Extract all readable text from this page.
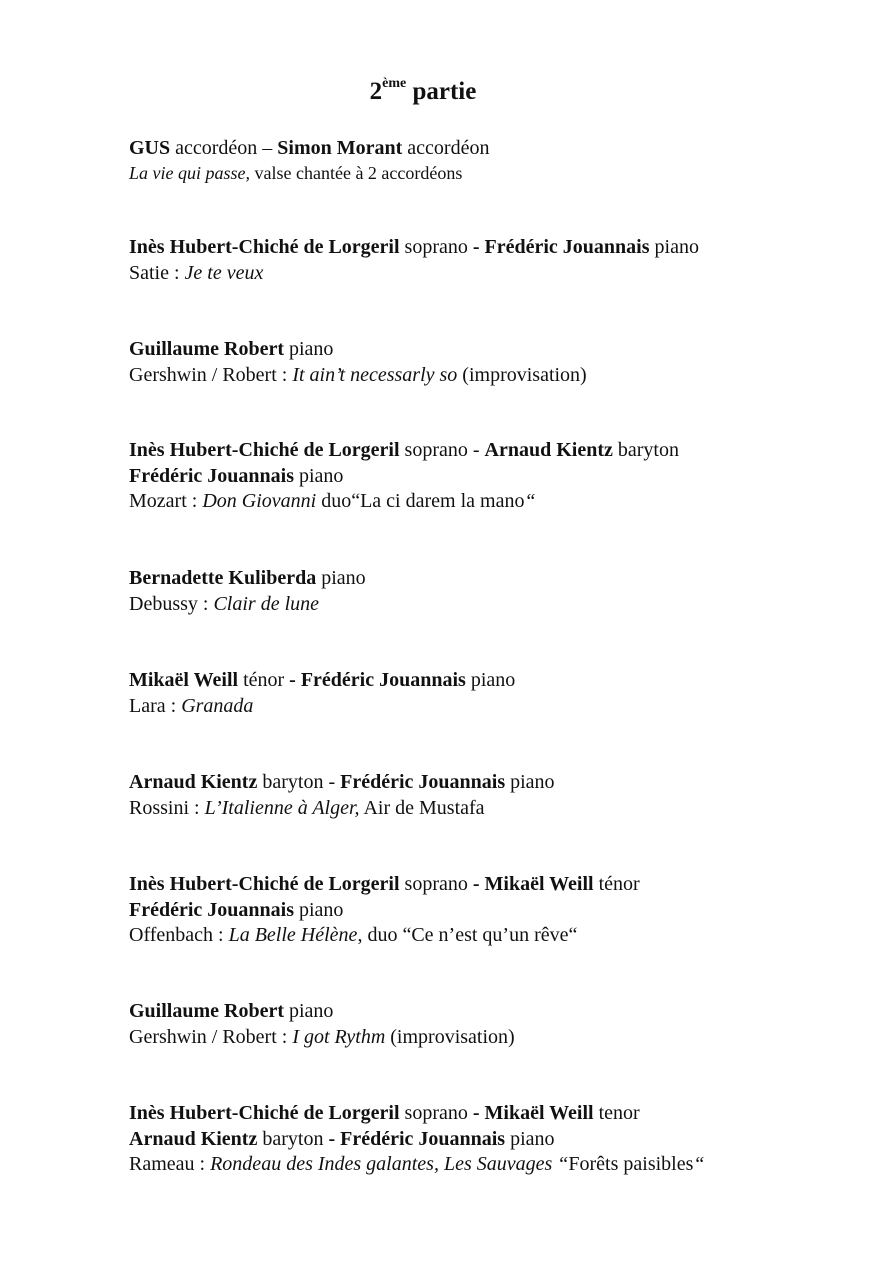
2ème partie
GUS accordéon – Simon Morant accordéon
La vie qui passe, valse chantée à 2 accordéons
Inès Hubert-Chiché de Lorgeril soprano - Frédéric Jouannais piano
Satie : Je te veux
Guillaume Robert piano
Gershwin / Robert : It ain’t necessarly so (improvisation)
Inès Hubert-Chiché de Lorgeril soprano - Arnaud Kientz baryton
Frédéric Jouannais piano
Mozart : Don Giovanni duo“La ci darem la mano“
Bernadette Kuliberda piano
Debussy : Clair de lune
Mikaël Weill ténor - Frédéric Jouannais piano
Lara : Granada
Arnaud Kientz baryton - Frédéric Jouannais piano
Rossini : L’Italienne à Alger, Air de Mustafa
Inès Hubert-Chiché de Lorgeril soprano - Mikaël Weill ténor
Frédéric Jouannais piano
Offenbach : La Belle Hélène, duo “Ce n’est qu’un rêve“
Guillaume Robert piano
Gershwin / Robert : I got Rythm (improvisation)
Inès Hubert-Chiché de Lorgeril soprano - Mikaël Weill tenor
Arnaud Kientz baryton - Frédéric Jouannais piano
Rameau : Rondeau des Indes galantes, Les Sauvages “Forêts paisibles“
